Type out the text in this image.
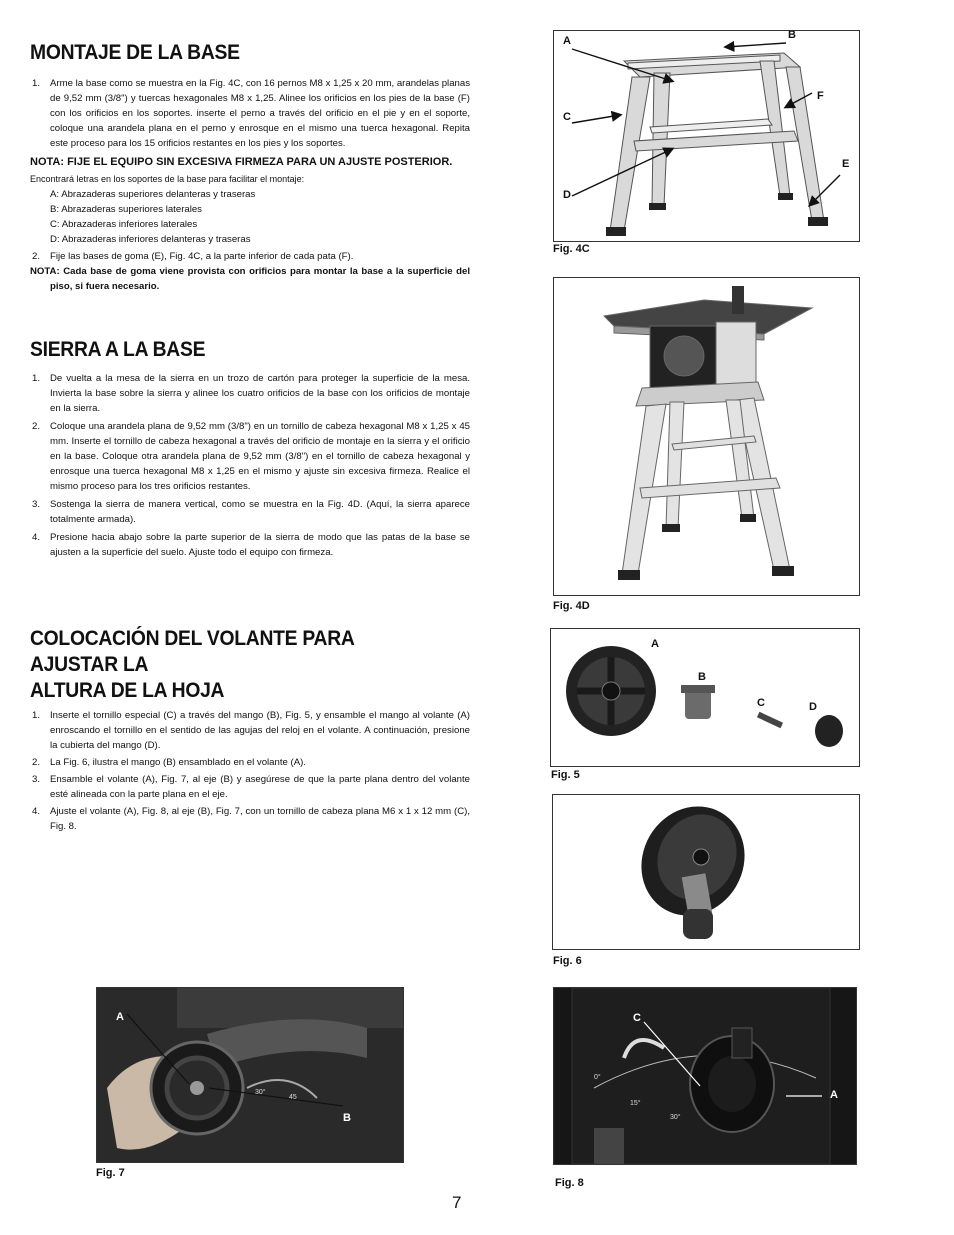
MONTAJE DE LA BASE

1. Arme la base como se muestra en la Fig. 4C, con 16 pernos M8 x 1,25 x 20 mm, arandelas planas de 9,52 mm (3/8") y tuercas hexagonales M8 x 1,25. Alinee los orificios en los pies de la base (F) con los orificios en los soportes. inserte el perno a través del orificio en el pie y en el soporte, coloque una arandela plana en el perno y enrosque en el mismo una tuerca hexagonal. Repita este proceso para los 15 orificios restantes en los pies y los soportes.

NOTA: FIJE EL EQUIPO SIN EXCESIVA FIRMEZA PARA UN AJUSTE POSTERIOR.

Encontrará letras en los soportes de la base para facilitar el montaje:

A: Abrazaderas superiores delanteras y traseras

B: Abrazaderas superiores laterales

C: Abrazaderas inferiores laterales

D: Abrazaderas inferiores delanteras y traseras

2. Fije las bases de goma (E), Fig. 4C, a la parte inferior de cada pata (F).

NOTA: Cada base de goma viene provista con orificios para montar la base a la superficie del piso, si fuera necesario.

SIERRA A LA BASE

1. De vuelta a la mesa de la sierra en un trozo de cartón para proteger la superficie de la mesa. Invierta la base sobre la sierra y alinee los cuatro orificios de la base con los orificios de montaje en la sierra.

2. Coloque una arandela plana de 9,52 mm (3/8") en un tornillo de cabeza hexagonal M8 x 1,25 x 45 mm. Inserte el tornillo de cabeza hexagonal a través del orificio de montaje en la sierra y el orificio en la base. Coloque otra arandela plana de 9,52 mm (3/8") en el tornillo de cabeza hexagonal y enrosque una tuerca hexagonal M8 x 1,25 en el mismo y ajuste sin excesiva firmeza. Realice el mismo proceso para los tres orificios restantes.

3. Sostenga la sierra de manera vertical, como se muestra en la Fig. 4D. (Aquí, la sierra aparece totalmente armada).

4. Presione hacia abajo sobre la parte superior de la sierra de modo que las patas de la base se ajusten a la superficie del suelo. Ajuste todo el equipo con firmeza.

COLOCACIÓN DEL VOLANTE PARA AJUSTAR LA
ALTURA DE LA HOJA

1. Inserte el tornillo especial (C) a través del mango (B), Fig. 5, y ensamble el mango al volante (A) enroscando el tornillo en el sentido de las agujas del reloj en el volante. A continuación, presione la cubierta del mango (D).

2. La Fig. 6, ilustra el mango (B) ensamblado en el volante (A).

3. Ensamble el volante (A), Fig. 7, al eje (B) y asegúrese de que la parte plana dentro del volante esté alineada con la parte plana en el eje.

4. Ajuste el volante (A), Fig. 8, al eje (B), Fig. 7, con un tornillo de cabeza plana M6 x 1 x 12 mm (C), Fig. 8.

A	B
C
F
E
D
Fig. 4C
Fig. 4D
A
B
C	D
Fig. 5
Fig. 6
A
B
30°
45
Fig. 7
C
A
0°
15°
30°
Fig. 8
7
